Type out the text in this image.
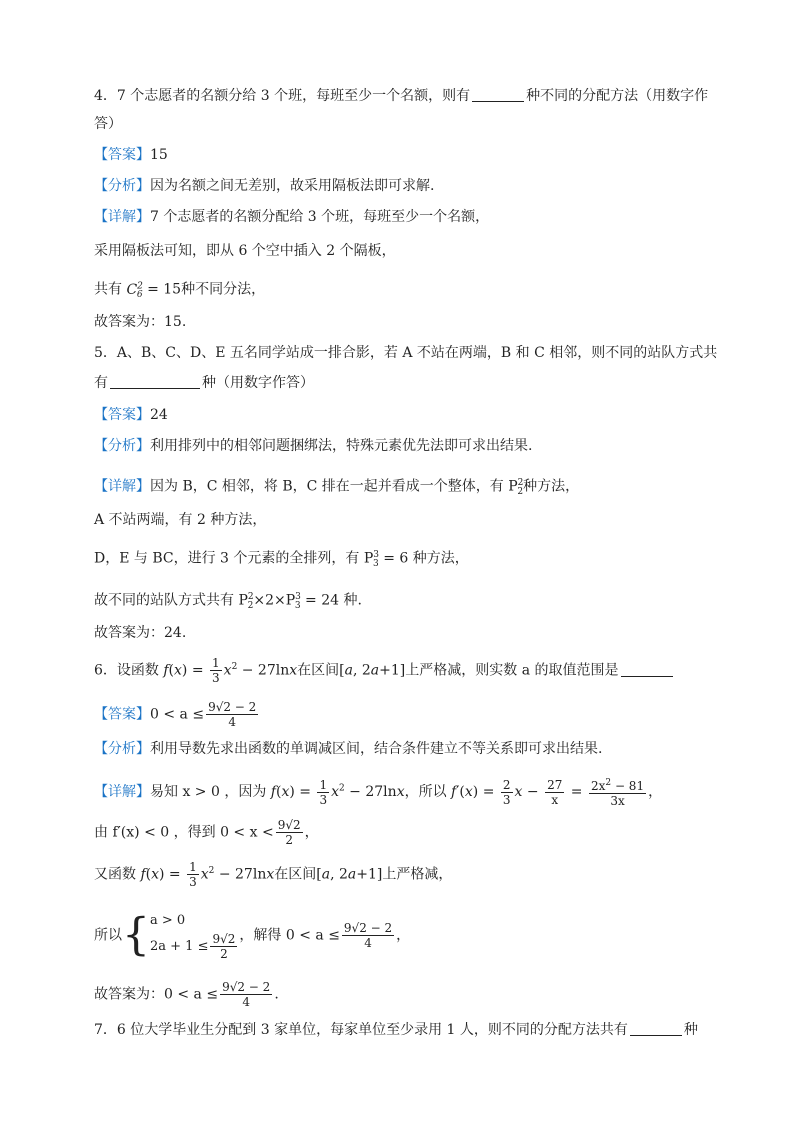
4．7 个志愿者的名额分给 3 个班，每班至少一个名额，则有	种不同的分配方法（用数字作
答）
【答案】15
【分析】因为名额之间无差别，故采用隔板法即可求解.
【详解】7 个志愿者的名额分配给 3 个班，每班至少一个名额，
采用隔板法可知，即从 6 个空中插入 2 个隔板，
共有 $C^2_6 = 15$种不同分法，
故答案为：15.
5．A、B、C、D、E 五名同学站成一排合影，若 A 不站在两端，B 和 C 相邻，则不同的站队方式共
有	种（用数字作答）
【答案】24
【分析】利用排列中的相邻问题捆绑法，特殊元素优先法即可求出结果.
【详解】因为 B，C 相邻，将 B，C 排在一起并看成一个整体，有 $P^2_2$种方法，
A 不站两端，有 2 种方法，
D，E 与 BC，进行 3 个元素的全排列，有 $P^3_3 = 6$ 种方法，
故不同的站队方式共有 $P^2_2\times 2\times P^3_3 = 24$ 种.
故答案为：24.
6．设函数 $f(x) = \frac{1}{3} x^2 - 27\ln x$在区间[a, 2a+1]上严格减，则实数 a 的取值范围是
【答案】$0 < a \le \frac{9√2 - 2}{4}$
【分析】利用导数先求出函数的单调减区间，结合条件建立不等关系即可求出结果.
【详解】易知 x > 0 ，因为 $f(x) = \frac{1}{3} x^2 - 27\ln x$，所以 $f'(x) = \frac{2}{3}$ $x - \frac{27}{x} = \frac{2x^2 - 81}{3x}$ ，
由 f′(x) < 0 ，得到 $0 < x < \frac{9√2}{2}$ ，
又函数 $f(x) = \frac{1}{3} x^2 - 27\ln x$在区间[a, 2a+1]上严格减，
所以{ a > 0
$2a + 1 \le \frac{9√2}{2}$ ，解得 $0 < a \le \frac{9√2 - 2}{4}$ ，
故答案为：$0 < a \le \frac{9√2 - 2}{4}$ .
7．6 位大学毕业生分配到 3 家单位，每家单位至少录用 1 人，则不同的分配方法共有	种
